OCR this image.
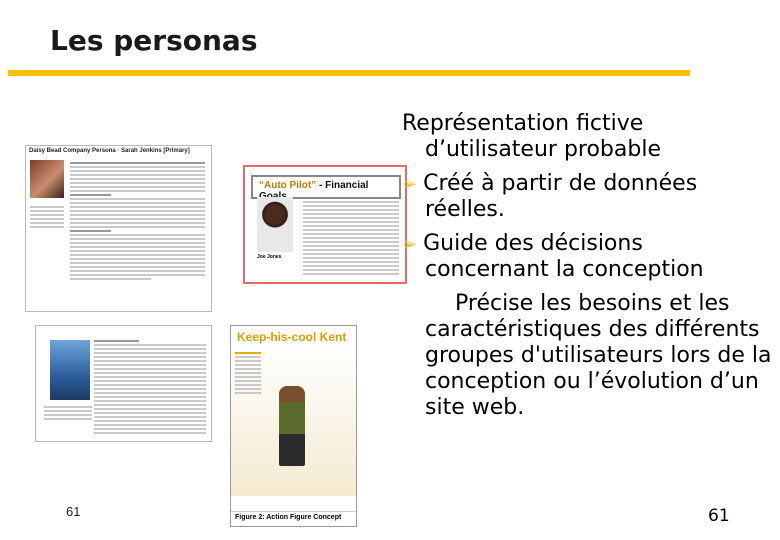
Les personas
Daisy Bead Company Persona · Sarah Jenkins [Primary]
“Auto Pilot” - Financial
Joe Jones
Keep-his-cool Kent
Figure 2: Action Figure Concept
61
Représentation fictive
d’utilisateur probable
➢ Créé à partir de données
réelles.
➢ Guide des décisions
concernant la conception
Précise les besoins et les
caractéristiques des différents
groupes d'utilisateurs lors de la
conception ou l’évolution d’un
site web.
61
